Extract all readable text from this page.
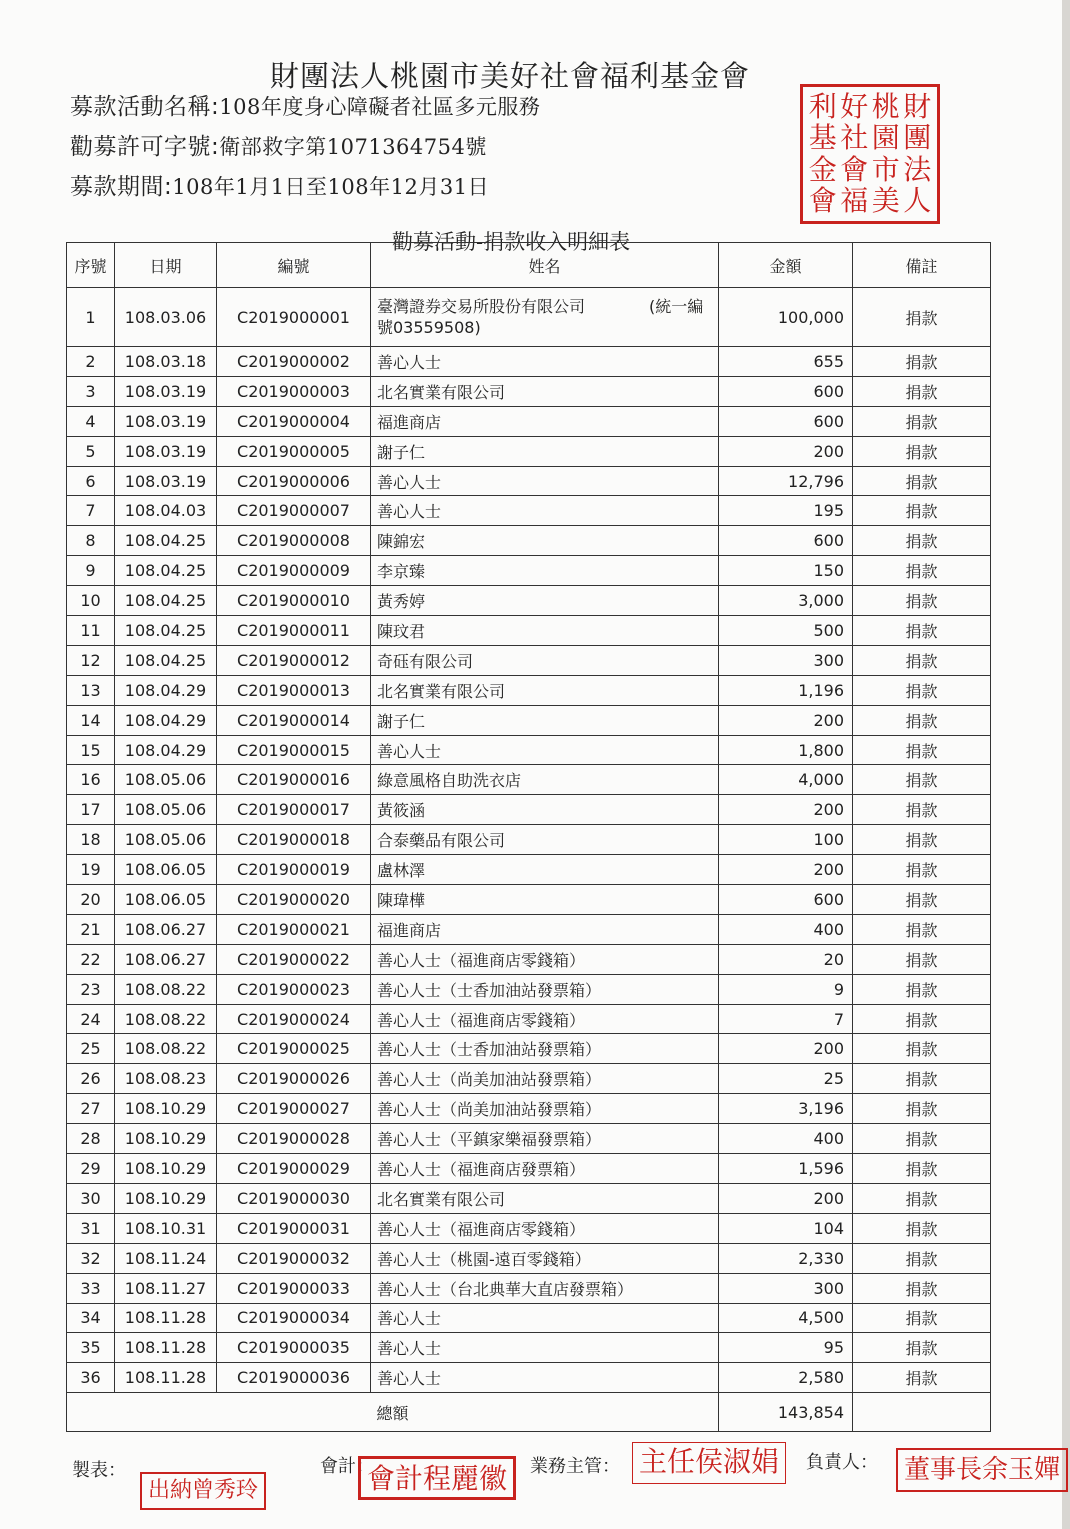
財團法人桃園市美好社會福利基金會
募款活動名稱:108年度身心障礙者社區多元服務
勸募許可字號:衛部救字第1071364754號
募款期間:108年1月1日至108年12月31日
利 好 桃 財
基 社 園 團
金 會 市 法
會 福 美 人
勸募活動-捐款收入明細表
序號	日期	編號	姓名	金額	備註
1	108.03.06	C2019000001	臺灣證券交易所股份有限公司　　　　(統一編號03559508)	100,000	捐款
2	108.03.18	C2019000002	善心人士	655	捐款
3	108.03.19	C2019000003	北名實業有限公司	600	捐款
4	108.03.19	C2019000004	福進商店	600	捐款
5	108.03.19	C2019000005	謝子仁	200	捐款
6	108.03.19	C2019000006	善心人士	12,796	捐款
7	108.04.03	C2019000007	善心人士	195	捐款
8	108.04.25	C2019000008	陳錦宏	600	捐款
9	108.04.25	C2019000009	李京臻	150	捐款
10	108.04.25	C2019000010	黃秀婷	3,000	捐款
11	108.04.25	C2019000011	陳玟君	500	捐款
12	108.04.25	C2019000012	奇砡有限公司	300	捐款
13	108.04.29	C2019000013	北名實業有限公司	1,196	捐款
14	108.04.29	C2019000014	謝子仁	200	捐款
15	108.04.29	C2019000015	善心人士	1,800	捐款
16	108.05.06	C2019000016	綠意風格自助洗衣店	4,000	捐款
17	108.05.06	C2019000017	黃筱涵	200	捐款
18	108.05.06	C2019000018	合泰藥品有限公司	100	捐款
19	108.06.05	C2019000019	盧林澤	200	捐款
20	108.06.05	C2019000020	陳瑋樺	600	捐款
21	108.06.27	C2019000021	福進商店	400	捐款
22	108.06.27	C2019000022	善心人士（福進商店零錢箱）	20	捐款
23	108.08.22	C2019000023	善心人士（士香加油站發票箱）	9	捐款
24	108.08.22	C2019000024	善心人士（福進商店零錢箱）	7	捐款
25	108.08.22	C2019000025	善心人士（士香加油站發票箱）	200	捐款
26	108.08.23	C2019000026	善心人士（尚美加油站發票箱）	25	捐款
27	108.10.29	C2019000027	善心人士（尚美加油站發票箱）	3,196	捐款
28	108.10.29	C2019000028	善心人士（平鎮家樂福發票箱）	400	捐款
29	108.10.29	C2019000029	善心人士（福進商店發票箱）	1,596	捐款
30	108.10.29	C2019000030	北名實業有限公司	200	捐款
31	108.10.31	C2019000031	善心人士（福進商店零錢箱）	104	捐款
32	108.11.24	C2019000032	善心人士（桃園-遠百零錢箱）	2,330	捐款
33	108.11.27	C2019000033	善心人士（台北典華大直店發票箱）	300	捐款
34	108.11.28	C2019000034	善心人士	4,500	捐款
35	108.11.28	C2019000035	善心人士	95	捐款
36	108.11.28	C2019000036	善心人士	2,580	捐款
總額				143,854	
製表：
出納曾秀玲
會計：
會計程麗徽	業務主管： 主任侯淑娟	負責人：	董事長余玉嬋
